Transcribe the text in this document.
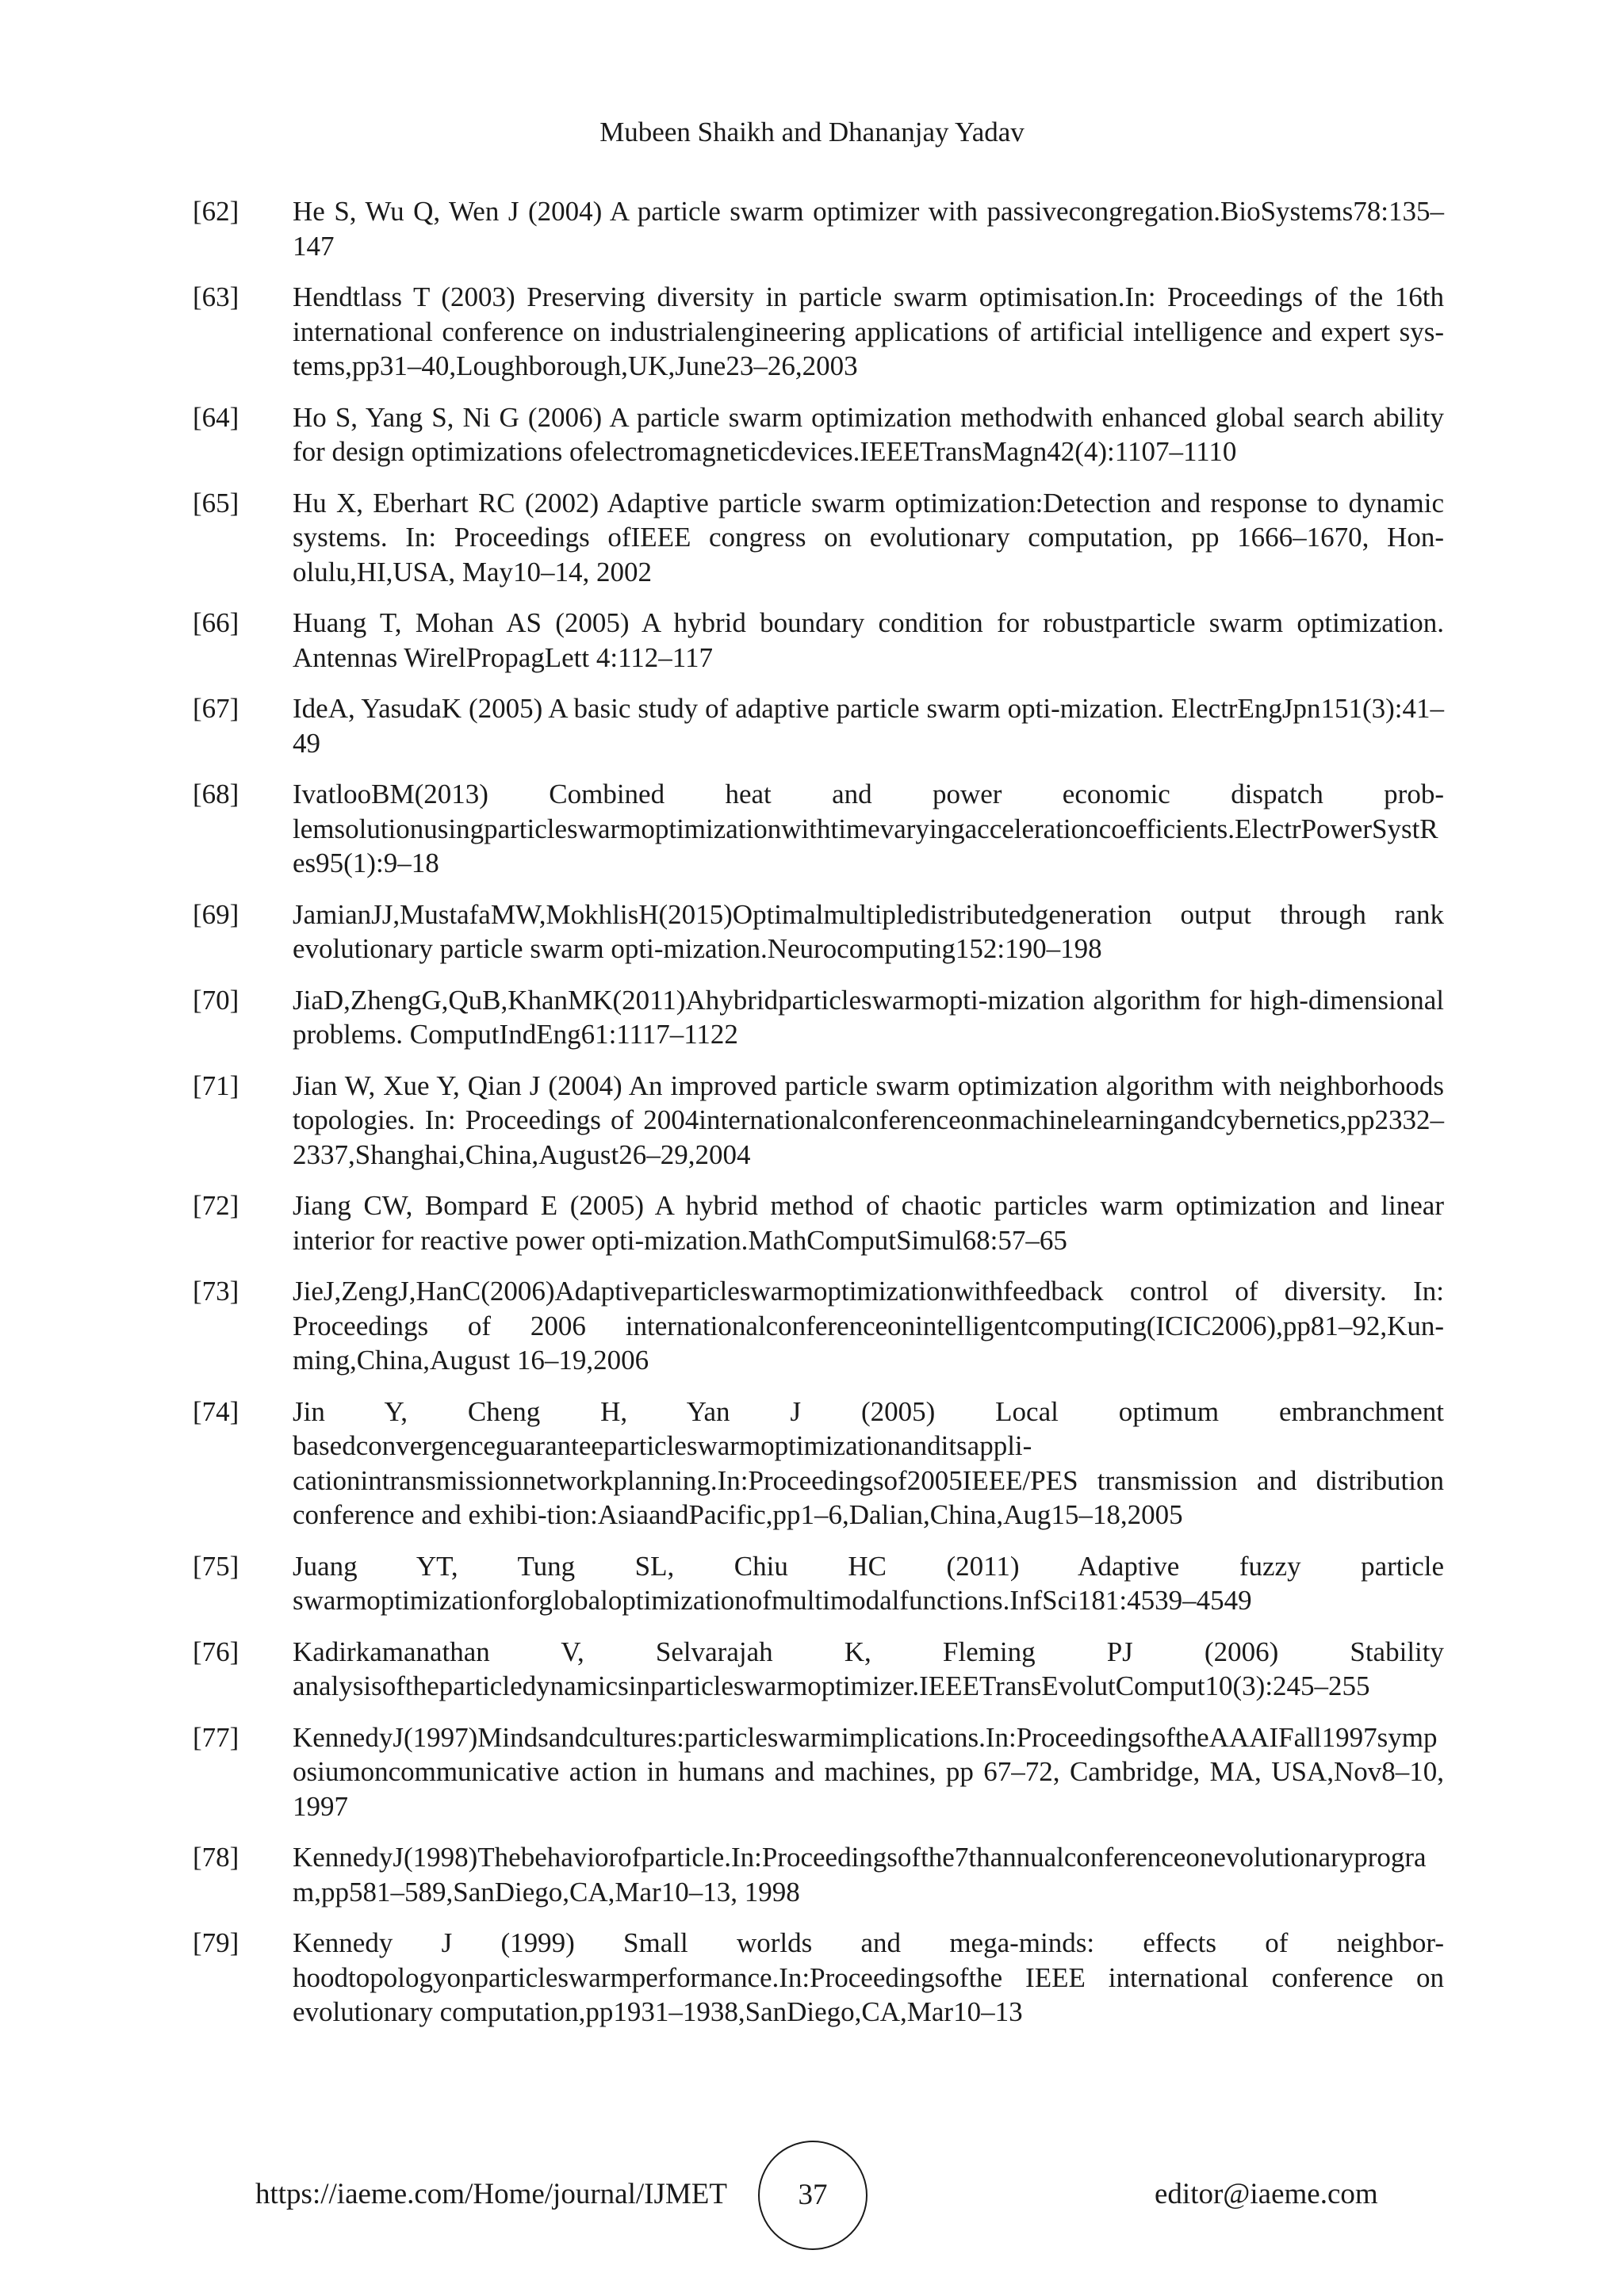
Mubeen Shaikh and Dhananjay Yadav
[62]	He S, Wu Q, Wen J (2004) A particle swarm optimizer with passivecongregation.BioSystems78:135–147
[63]	Hendtlass T (2003) Preserving diversity in particle swarm optimisation.In: Proceedings of the 16th international conference on industrialengineering applications of artificial intelligence and expert sys-tems,pp31–40,Loughborough,UK,June23–26,2003
[64]	Ho S, Yang S, Ni G (2006) A particle swarm optimization methodwith enhanced global search ability for design optimizations ofelectromagneticdevices.IEEETransMagn42(4):1107–1110
[65]	Hu X, Eberhart RC (2002) Adaptive particle swarm optimization:Detection and response to dynamic systems. In: Proceedings ofIEEE congress on evolutionary computation, pp 1666–1670, Hon-olulu,HI,USA, May10–14, 2002
[66]	Huang T, Mohan AS (2005) A hybrid boundary condition for robustparticle swarm optimization. Antennas WirelPropagLett 4:112–117
[67]	IdeA, YasudaK (2005) A basic study of adaptive particle swarm opti-mization. ElectrEngJpn151(3):41–49
[68]	IvatlooBM(2013) Combined heat and power economic dispatch prob-lemsolutionusingparticleswarmoptimizationwithtimevaryingaccelerationcoefficients.ElectrPowerSystRes95(1):9–18
[69]	JamianJJ,MustafaMW,MokhlisH(2015)Optimalmultipledistributedgeneration output through rank evolutionary particle swarm opti-mization.Neurocomputing152:190–198
[70]	JiaD,ZhengG,QuB,KhanMK(2011)Ahybridparticleswarmopti-mization algorithm for high-dimensional problems. ComputIndEng61:1117–1122
[71]	Jian W, Xue Y, Qian J (2004) An improved particle swarm optimization algorithm with neighborhoods topologies. In: Proceedings of 2004internationalconferenceonmachinelearningandcybernetics,pp2332–2337,Shanghai,China,August26–29,2004
[72]	Jiang CW, Bompard E (2005) A hybrid method of chaotic particles warm optimization and linear interior for reactive power opti-mization.MathComputSimul68:57–65
[73]	JieJ,ZengJ,HanC(2006)Adaptiveparticleswarmoptimizationwithfeedback control of diversity. In: Proceedings of 2006 internationalconferenceonintelligentcomputing(ICIC2006),pp81–92,Kun-ming,China,August 16–19,2006
[74]	Jin Y, Cheng H, Yan J (2005) Local optimum embranchment basedconvergenceguaranteeparticleswarmoptimizationanditsappli-cationintransmissionnetworkplanning.In:Proceedingsof2005IEEE/PES transmission and distribution conference and exhibi-tion:AsiaandPacific,pp1–6,Dalian,China,Aug15–18,2005
[75]	Juang YT, Tung SL, Chiu HC (2011) Adaptive fuzzy particle swarmoptimizationforglobaloptimizationofmultimodalfunctions.InfSci181:4539–4549
[76]	Kadirkamanathan V, Selvarajah K, Fleming PJ (2006) Stability analysisoftheparticledynamicsinparticleswarmoptimizer.IEEETransEvolutComput10(3):245–255
[77]	KennedyJ(1997)Mindsandcultures:particleswarmimplications.In:ProceedingsoftheAAAIFall1997symposiumoncommunicative action in humans and machines, pp 67–72, Cambridge, MA, USA,Nov8–10, 1997
[78]	KennedyJ(1998)Thebehaviorofparticle.In:Proceedingsofthe7thannualconferenceonevolutionaryprogram,pp581–589,SanDiego,CA,Mar10–13, 1998
[79]	Kennedy J (1999) Small worlds and mega-minds: effects of neighbor-hoodtopologyonparticleswarmperformance.In:Proceedingsofthe IEEE international conference on evolutionary computation,pp1931–1938,SanDiego,CA,Mar10–13
https://iaeme.com/Home/journal/IJMET 37	editor@iaeme.com
